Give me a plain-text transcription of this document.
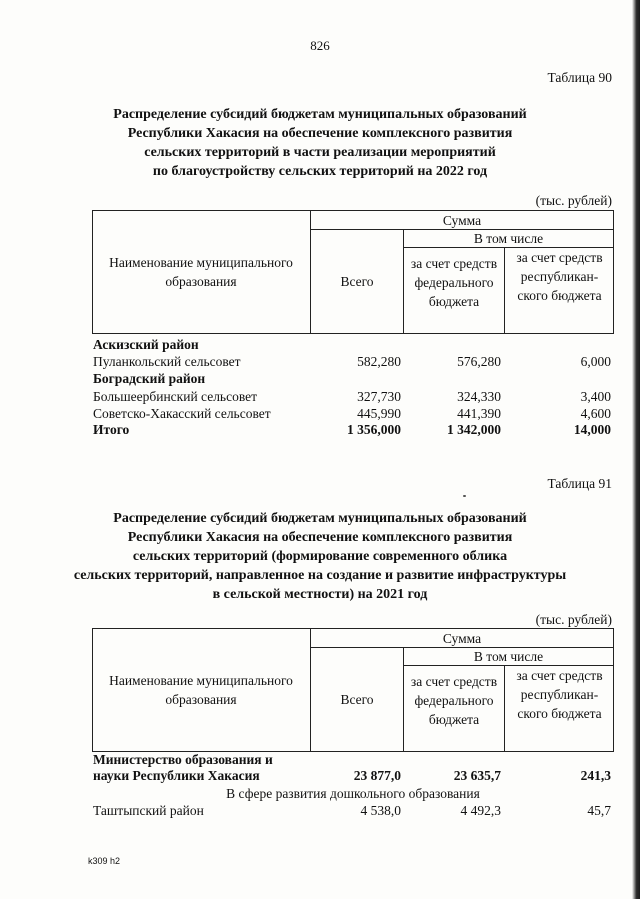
826
Таблица 90
Распределение субсидий бюджетам муниципальных образований
Республики Хакасия на обеспечение комплексного развития
сельских территорий в части реализации мероприятий
по благоустройству сельских территорий на 2022 год
(тыс. рублей)
Сумма
В том числе
Наименование муниципального образования	Всего
за счет средств федерального бюджета
за счет средств республикан-ского бюджета
Аскизский район
Пуланкольский сельсовет	582,280	576,280	6,000
Боградский район
Большеербинский сельсовет	327,730	324,330	3,400
Советско-Хакасский сельсовет	445,990	441,390	4,600
Итого	1 356,000	1 342,000	14,000
Таблица 91
Распределение субсидий бюджетам муниципальных образований
Республики Хакасия на обеспечение комплексного развития
сельских территорий (формирование современного облика
сельских территорий, направленное на создание и развитие инфраструктуры
в сельской местности) на 2021 год
(тыс. рублей)
Сумма
В том числе
Наименование муниципального образования	Всего
за счет средств федерального бюджета
за счет средств республикан-ского бюджета
Министерство образования и
науки Республики Хакасия	23 877,0	23 635,7	241,3
В сфере развития дошкольного образования
Таштыпский район	4 538,0	4 492,3	45,7
k309 h2
